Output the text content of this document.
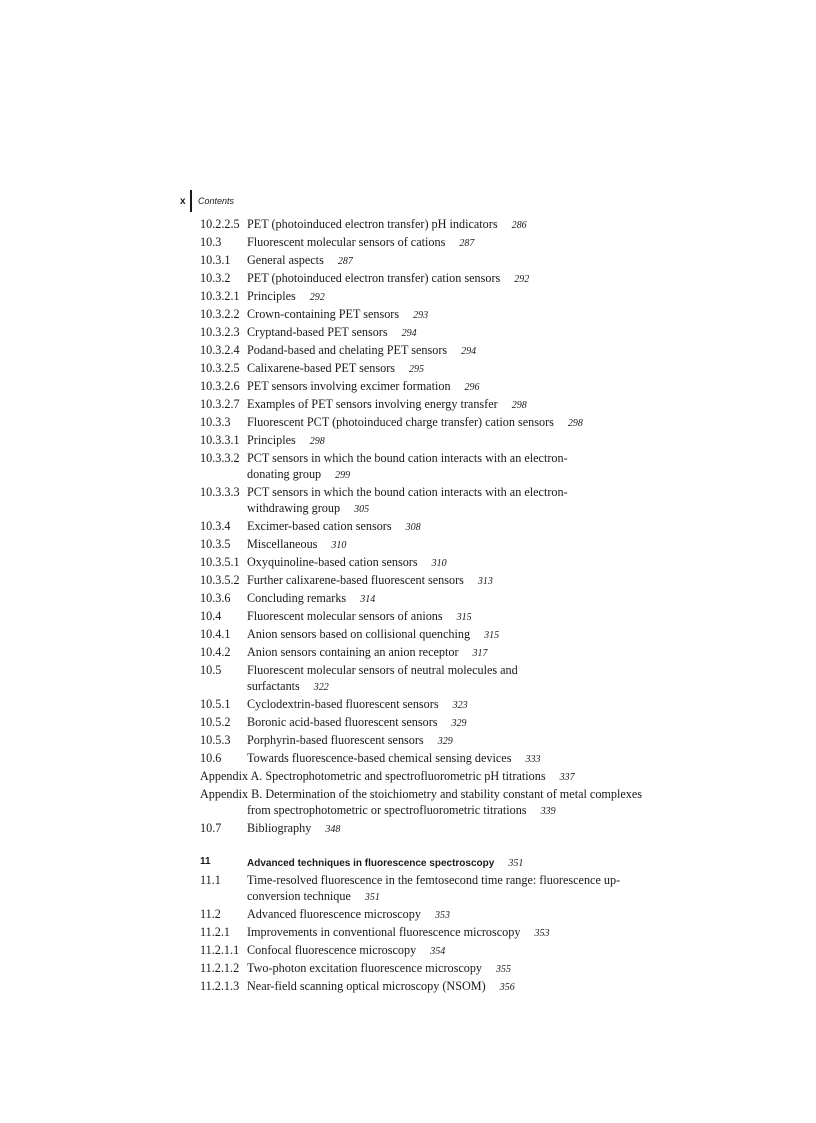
x	Contents
10.2.2.5 PET (photoinduced electron transfer) pH indicators 286
10.3	Fluorescent molecular sensors of cations 287
10.3.1	General aspects 287
10.3.2	PET (photoinduced electron transfer) cation sensors 292
10.3.2.1 Principles 292
10.3.2.2 Crown-containing PET sensors 293
10.3.2.3 Cryptand-based PET sensors 294
10.3.2.4 Podand-based and chelating PET sensors 294
10.3.2.5 Calixarene-based PET sensors 295
10.3.2.6 PET sensors involving excimer formation 296
10.3.2.7 Examples of PET sensors involving energy transfer 298
10.3.3	Fluorescent PCT (photoinduced charge transfer) cation sensors 298
10.3.3.1 Principles 298
10.3.3.2 PCT sensors in which the bound cation interacts with an electron-donating group 299
10.3.3.3 PCT sensors in which the bound cation interacts with an electron-withdrawing group 305
10.3.4	Excimer-based cation sensors 308
10.3.5	Miscellaneous 310
10.3.5.1 Oxyquinoline-based cation sensors 310
10.3.5.2 Further calixarene-based fluorescent sensors 313
10.3.6	Concluding remarks 314
10.4	Fluorescent molecular sensors of anions 315
10.4.1	Anion sensors based on collisional quenching 315
10.4.2	Anion sensors containing an anion receptor 317
10.5	Fluorescent molecular sensors of neutral molecules and surfactants 322
10.5.1	Cyclodextrin-based fluorescent sensors 323
10.5.2	Boronic acid-based fluorescent sensors 329
10.5.3	Porphyrin-based fluorescent sensors 329
10.6	Towards fluorescence-based chemical sensing devices 333
Appendix A. Spectrophotometric and spectrofluorometric pH titrations 337
Appendix B. Determination of the stoichiometry and stability constant of metal complexes from spectrophotometric or spectrofluorometric titrations 339
10.7	Bibliography 348
11	Advanced techniques in fluorescence spectroscopy 351
11.1	Time-resolved fluorescence in the femtosecond time range: fluorescence up-conversion technique 351
11.2	Advanced fluorescence microscopy 353
11.2.1	Improvements in conventional fluorescence microscopy 353
11.2.1.1 Confocal fluorescence microscopy 354
11.2.1.2 Two-photon excitation fluorescence microscopy 355
11.2.1.3 Near-field scanning optical microscopy (NSOM) 356
